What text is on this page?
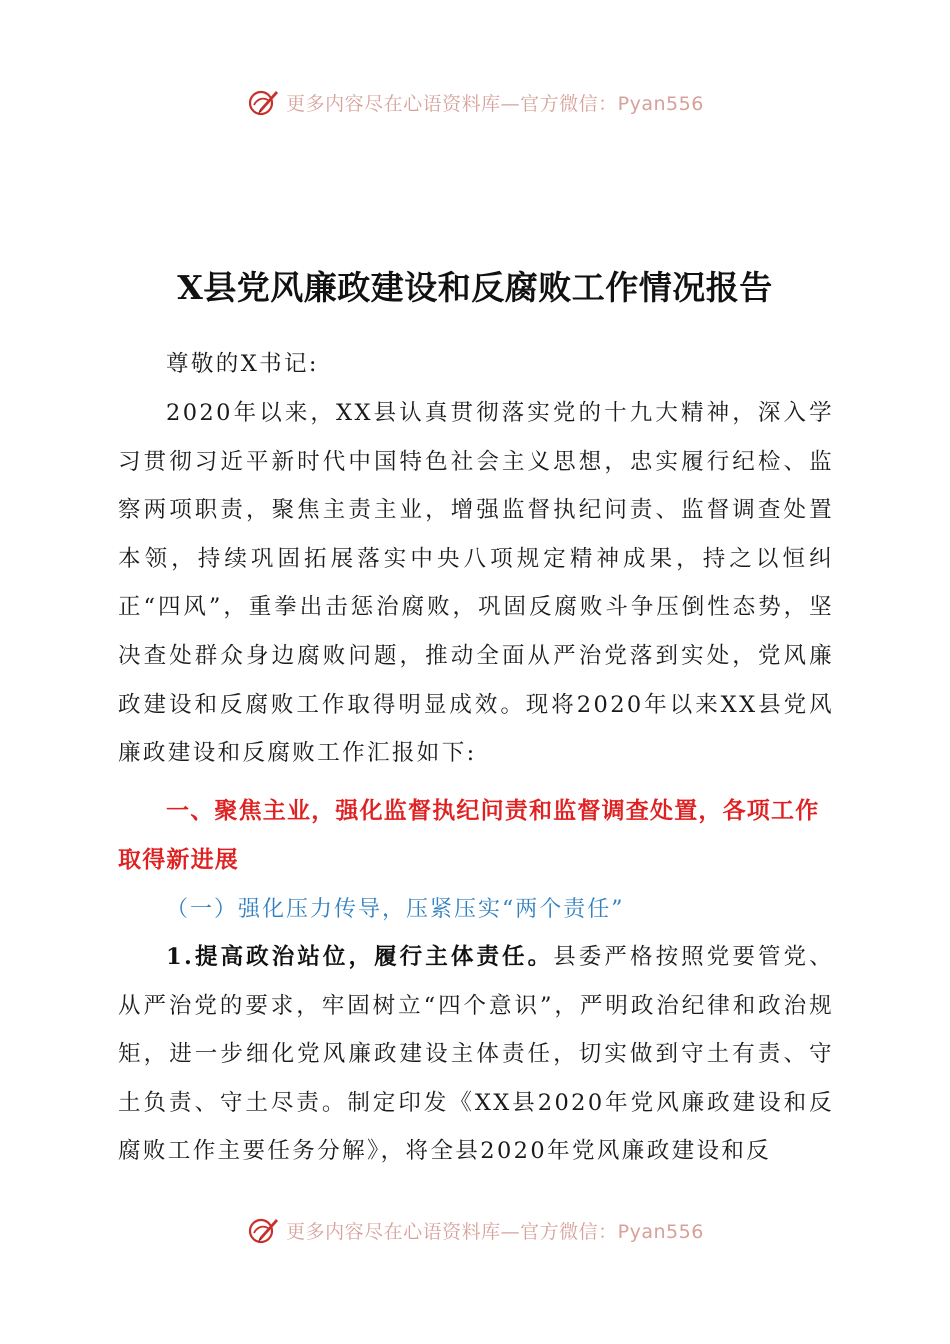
更多内容尽在心语资料库—官方微信：Pyan556
X县党风廉政建设和反腐败工作情况报告
尊敬的X书记:
2020年以来，XX县认真贯彻落实党的十九大精神，深入学习贯彻习近平新时代中国特色社会主义思想，忠实履行纪检、监察两项职责，聚焦主责主业，增强监督执纪问责、监督调查处置本领，持续巩固拓展落实中央八项规定精神成果，持之以恒纠正“四风”，重拳出击惩治腐败，巩固反腐败斗争压倒性态势，坚决查处群众身边腐败问题，推动全面从严治党落到实处，党风廉政建设和反腐败工作取得明显成效。现将2020年以来XX县党风廉政建设和反腐败工作汇报如下:
一、聚焦主业，强化监督执纪问责和监督调查处置，各项工作取得新进展
（一）强化压力传导，压紧压实“两个责任”
1.提高政治站位，履行主体责任。县委严格按照党要管党、从严治党的要求，牢固树立“四个意识”，严明政治纪律和政治规矩，进一步细化党风廉政建设主体责任，切实做到守土有责、守土负责、守土尽责。制定印发《XX县2020年党风廉政建设和反腐败工作主要任务分解》，将全县2020年党风廉政建设和反
更多内容尽在心语资料库—官方微信：Pyan556
